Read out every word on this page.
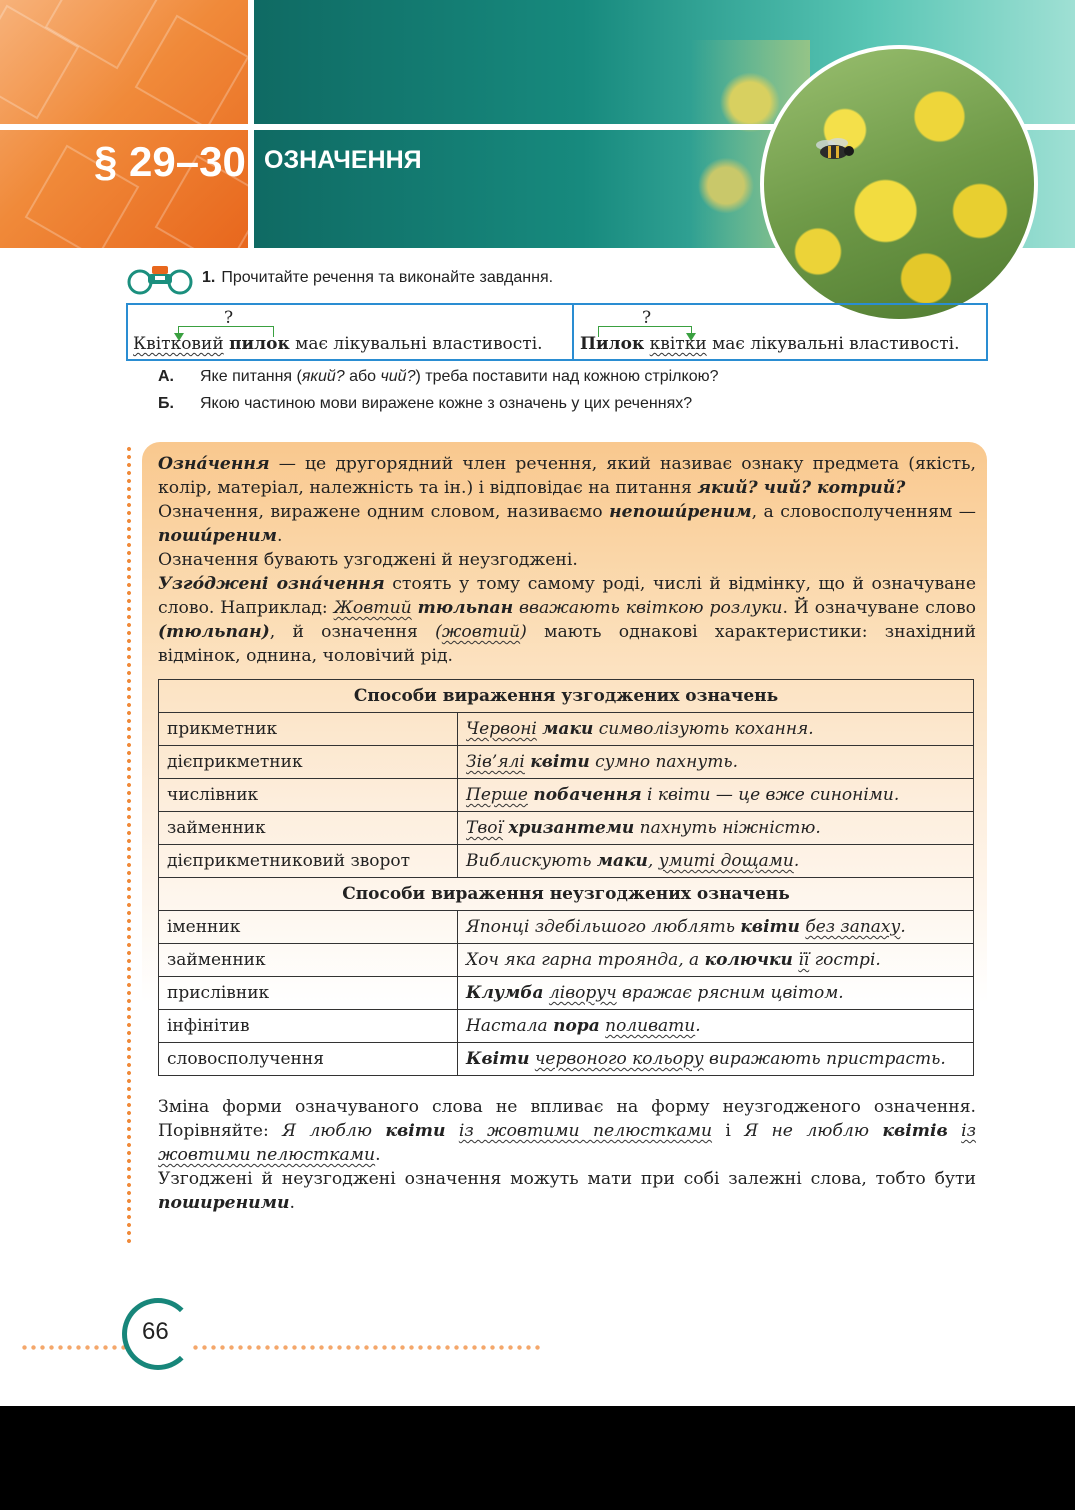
§ 29–30 ОЗНАЧЕННЯ
1. Прочитайте речення та виконайте завдання.
?
Квітковий пилок має лікувальні властивості.
?
Пилок квітки має лікувальні властивості.
А. Яке питання (який? або чий?) треба поставити над кожною стрілкою?
Б. Якою частиною мови виражене кожне з означень у цих реченнях?

Озна́чення — це другорядний член речення, який називає ознаку предмета (якість, колір, матеріал, належність та ін.) і відповідає на питання який? чий? котрий?

Означення, виражене одним словом, називаємо непоши́реним, а словосполученням — поши́реним.

Означення бувають узгоджені й неузгоджені.

Узго́джені озна́чення стоять у тому самому роді, числі й відмінку, що й означуване слово. Наприклад: Жовтий тюльпан вважають квіткою розлуки. Й означуване слово (тюльпан), й означення (жовтий) мають однакові характеристики: знахідний відмінок, однина, чоловічий рід.

Способи вираження узгоджених означень	
прикметник	Червоні маки символізують кохання.
дієприкметник	Зів’ялі квіти сумно пахнуть.
числівник	Перше побачення і квіти — це вже синоніми.
займенник	Твої хризантеми пахнуть ніжністю.
дієприкметниковий зворот	Виблискують маки, умиті дощами.
Способи вираження неузгоджених означень	
іменник	Японці здебільшого люблять квіти без запаху.
займенник	Хоч яка гарна троянда, а колючки її гострі.
прислівник	Клумба ліворуч вражає рясним цвітом.
інфінітив	Настала пора поливати.
словосполучення	Квіти червоного кольору виражають пристрасть.

Зміна форми означуваного слова не впливає на форму неузгодженого означення. Порівняйте: Я люблю квіти із жовтими пелюстками і Я не люблю квітів із жовтими пелюстками.

Узгоджені й неузгоджені означення можуть мати при собі залежні слова, тобто бути поширеними.

66
